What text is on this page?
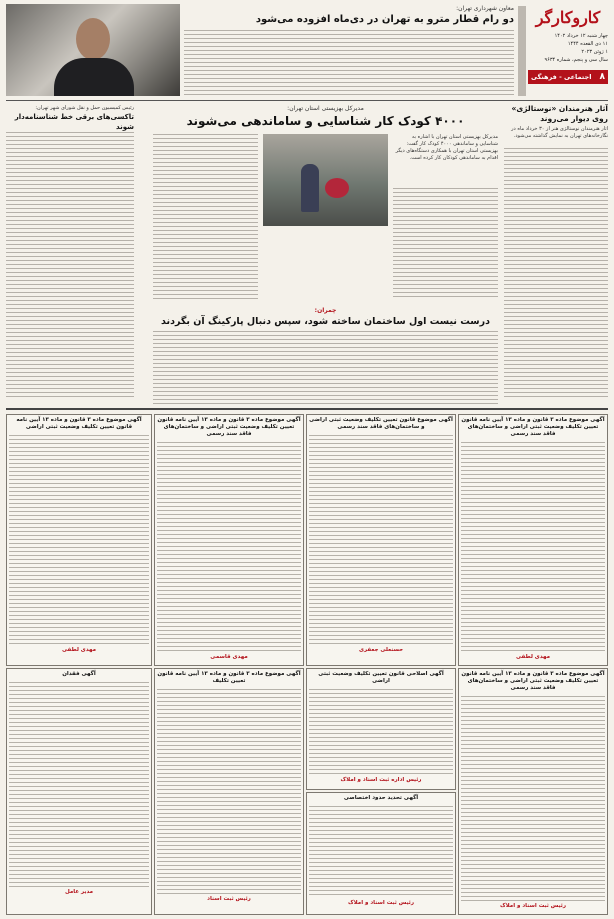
کاروکارگر
چهار شنبه ۱۲ خرداد ۱۴۰۲
۱۱ ذی القعده ۱۴۴۴
۱ ژوئن ۲۰۲۳
سال سی و پنجم، شماره ۹۶۳۴
۸
اجتماعی - فرهنگی
معاون شهرداری تهران:
دو رام قطار مترو به تهران در دی‌ماه افزوده می‌شود
آثار هنرمندان «نوستالژی» روی دیوار می‌روند
آثار هنرمندان نوستالژی هنر از ۳۰ خرداد ماه در نگارخانه‌های تهران به نمایش گذاشته می‌شود.
مدیرکل بهزیستی استان تهران:
۴۰۰۰ کودک کار شناسایی و ساماندهی می‌شوند
مدیرکل بهزیستی استان تهران با اشاره به شناسایی و ساماندهی ۴۰۰۰ کودک کار گفت: بهزیستی استان تهران با همکاری دستگاه‌های دیگر اقدام به ساماندهی کودکان کار کرده است.
رئیس کمیسیون حمل و نقل شورای شهر تهران:
تاکسی‌های برقی خط شناسنامه‌دار شوند
چمران:
درست نیست اول ساختمان ساخته شود، سپس دنبال پارکینگ آن بگردند
آگهی موضوع ماده ۳ قانون و ماده ۱۳ آیین نامه قانون تعیین تکلیف وضعیت ثبتی اراضی و ساختمان‌های فاقد سند رسمی
مهدی لطفی
آگهی موضوع قانون تعیین تکلیف وضعیت ثبتی اراضی و ساختمان‌های فاقد سند رسمی
حسنعلی جعفری
آگهی موضوع ماده ۳ قانون و ماده ۱۳ آیین نامه قانون تعیین تکلیف وضعیت ثبتی اراضی و ساختمان‌های فاقد سند رسمی
مهدی قاسمی
آگهی موضوع ماده ۳ قانون و ماده ۱۳ آیین نامه قانون تعیین تکلیف وضعیت ثبتی اراضی
مهدی لطفی
آگهی موضوع ماده ۳ قانون و ماده ۱۳ آیین نامه قانون تعیین تکلیف وضعیت ثبتی اراضی و ساختمان‌های فاقد سند رسمی
رئیس ثبت اسناد و املاک
آگهی اصلاحی قانون تعیین تکلیف وضعیت ثبتی اراضی
رئیس اداره ثبت اسناد و املاک
آگهی تحدید حدود اختصاصی
رئیس ثبت اسناد و املاک
آگهی موضوع ماده ۳ قانون و ماده ۱۳ آیین نامه قانون تعیین تکلیف
رئیس ثبت اسناد
آگهی فقدان
مدیر عامل
